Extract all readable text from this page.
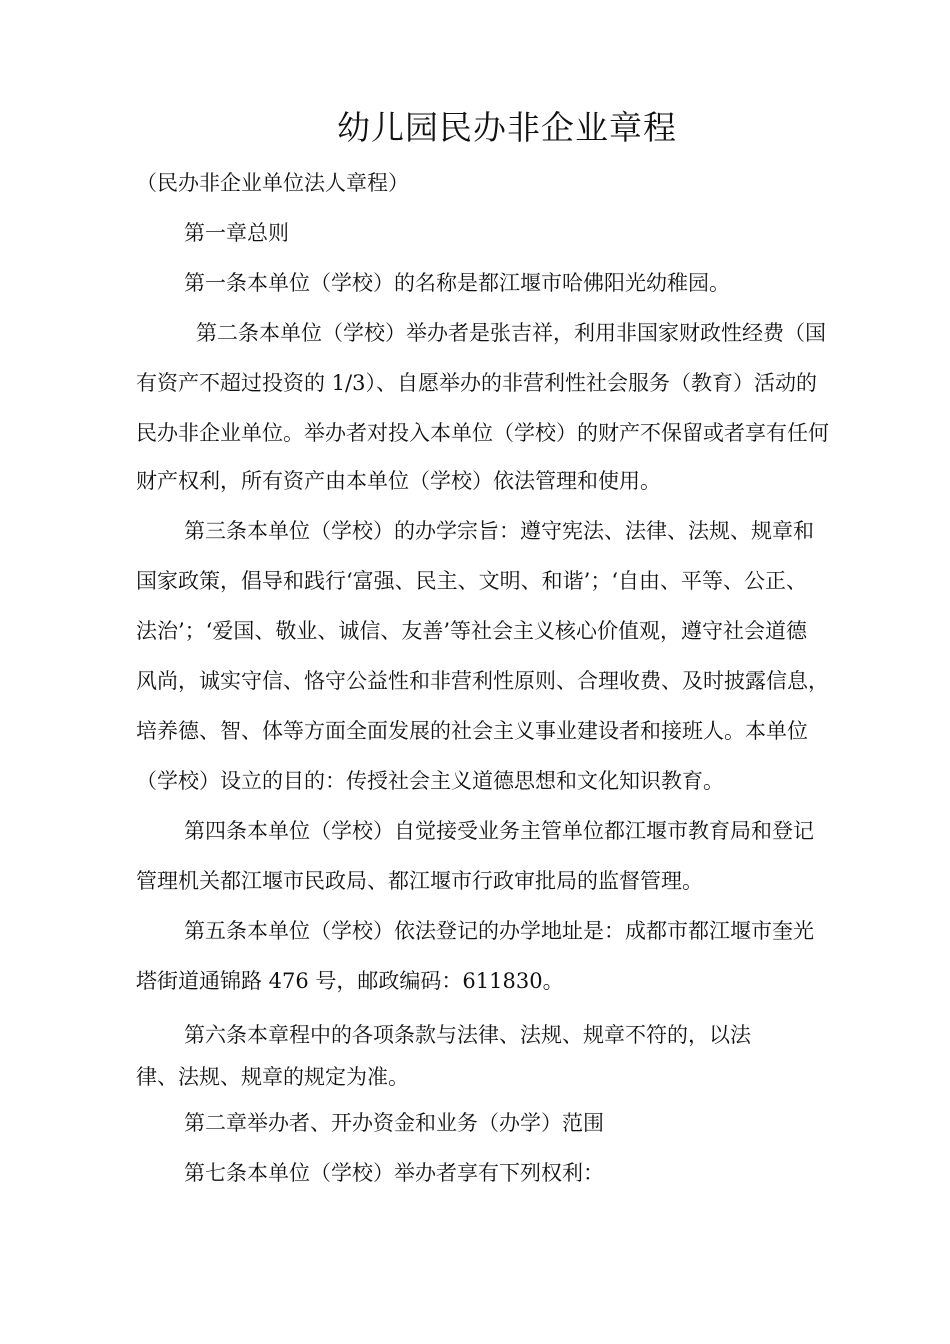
幼儿园民办非企业章程
（民办非企业单位法人章程）
第一章总则
第一条本单位（学校）的名称是都江堰市哈佛阳光幼稚园。
第二条本单位（学校）举办者是张吉祥，利用非国家财政性经费（国
有资产不超过投资的 1/3）、自愿举办的非营利性社会服务（教育）活动的
民办非企业单位。举办者对投入本单位（学校）的财产不保留或者享有任何
财产权利，所有资产由本单位（学校）依法管理和使用。
第三条本单位（学校）的办学宗旨：遵守宪法、法律、法规、规章和
国家政策，倡导和践行‘富强、民主、文明、和谐’；‘自由、平等、公正、
法治’；‘爱国、敬业、诚信、友善’等社会主义核心价值观，遵守社会道德
风尚，诚实守信、恪守公益性和非营利性原则、合理收费、及时披露信息，
培养德、智、体等方面全面发展的社会主义事业建设者和接班人。本单位
（学校）设立的目的：传授社会主义道德思想和文化知识教育。
第四条本单位（学校）自觉接受业务主管单位都江堰市教育局和登记
管理机关都江堰市民政局、都江堰市行政审批局的监督管理。
第五条本单位（学校）依法登记的办学地址是：成都市都江堰市奎光
塔街道通锦路 476 号，邮政编码：611830。
第六条本章程中的各项条款与法律、法规、规章不符的，以法
律、法规、规章的规定为准。
第二章举办者、开办资金和业务（办学）范围
第七条本单位（学校）举办者享有下列权利：
